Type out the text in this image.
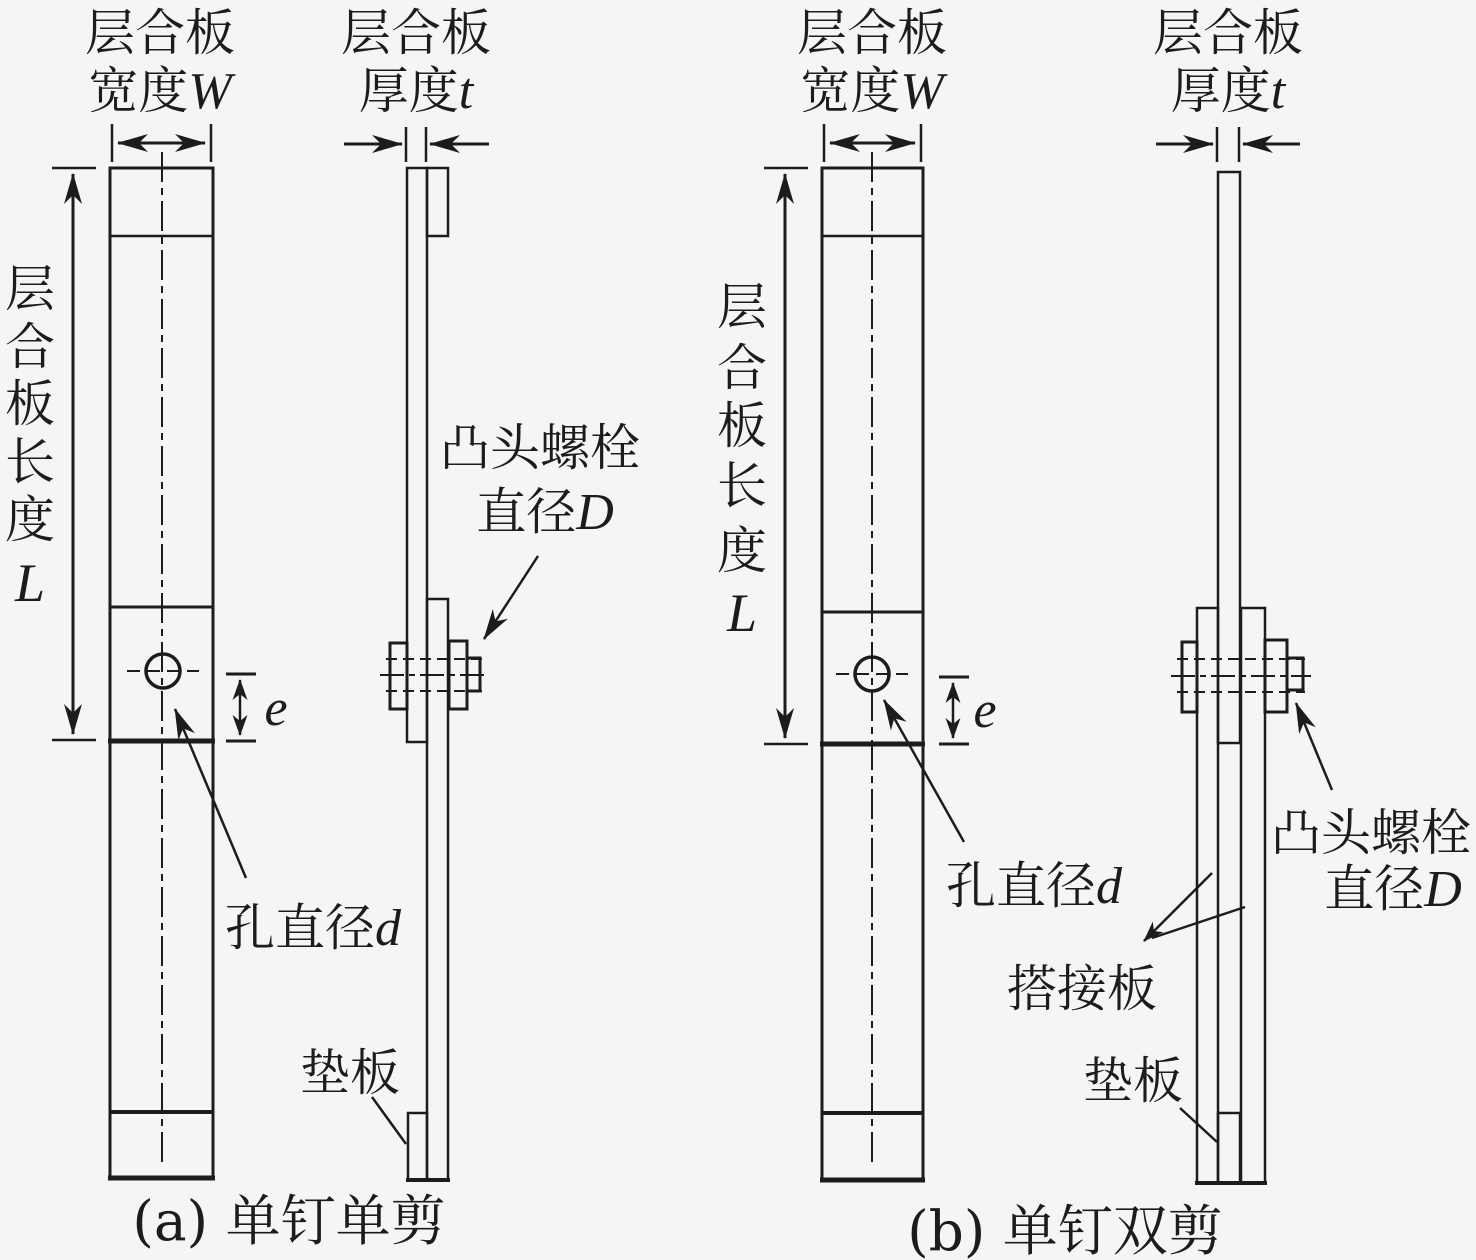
层合板
宽度W
层合板
厚度t
层
合
板
长
度
L
e
孔直径d
凸头螺栓
直径D
垫板
(a) 单钉单剪
层合板
宽度W
层合板
厚度t
层
合
板
长
度
L
e
孔直径d
凸头螺栓
直径D
搭接板
垫板
(b) 单钉双剪
